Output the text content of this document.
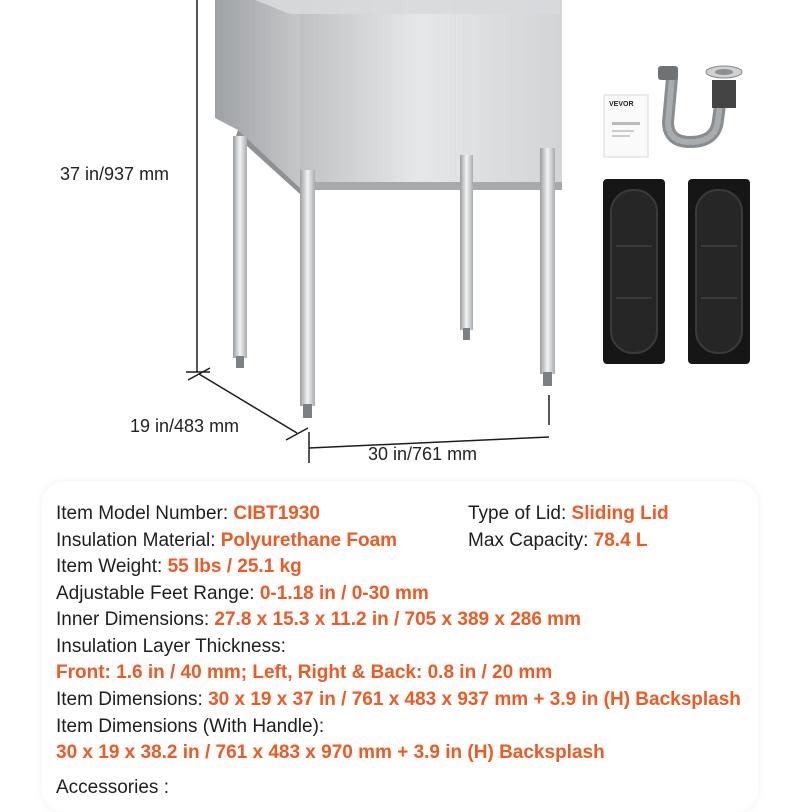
VEVOR
37 in/937 mm
19 in/483 mm
30 in/761 mm
Item Model Number: CIBT1930	Type of Lid: Sliding Lid
Insulation Material: Polyurethane Foam	Max Capacity: 78.4 L
Item Weight: 55 lbs / 25.1 kg
Adjustable Feet Range: 0-1.18 in / 0-30 mm
Inner Dimensions: 27.8 x 15.3 x 11.2 in / 705 x 389 x 286 mm
Insulation Layer Thickness:
Front: 1.6 in / 40 mm; Left, Right & Back: 0.8 in / 20 mm
Item Dimensions: 30 x 19 x 37 in / 761 x 483 x 937 mm + 3.9 in (H) Backsplash
Item Dimensions (With Handle):
30 x 19 x 38.2 in / 761 x 483 x 970 mm + 3.9 in (H) Backsplash
Accessories :
